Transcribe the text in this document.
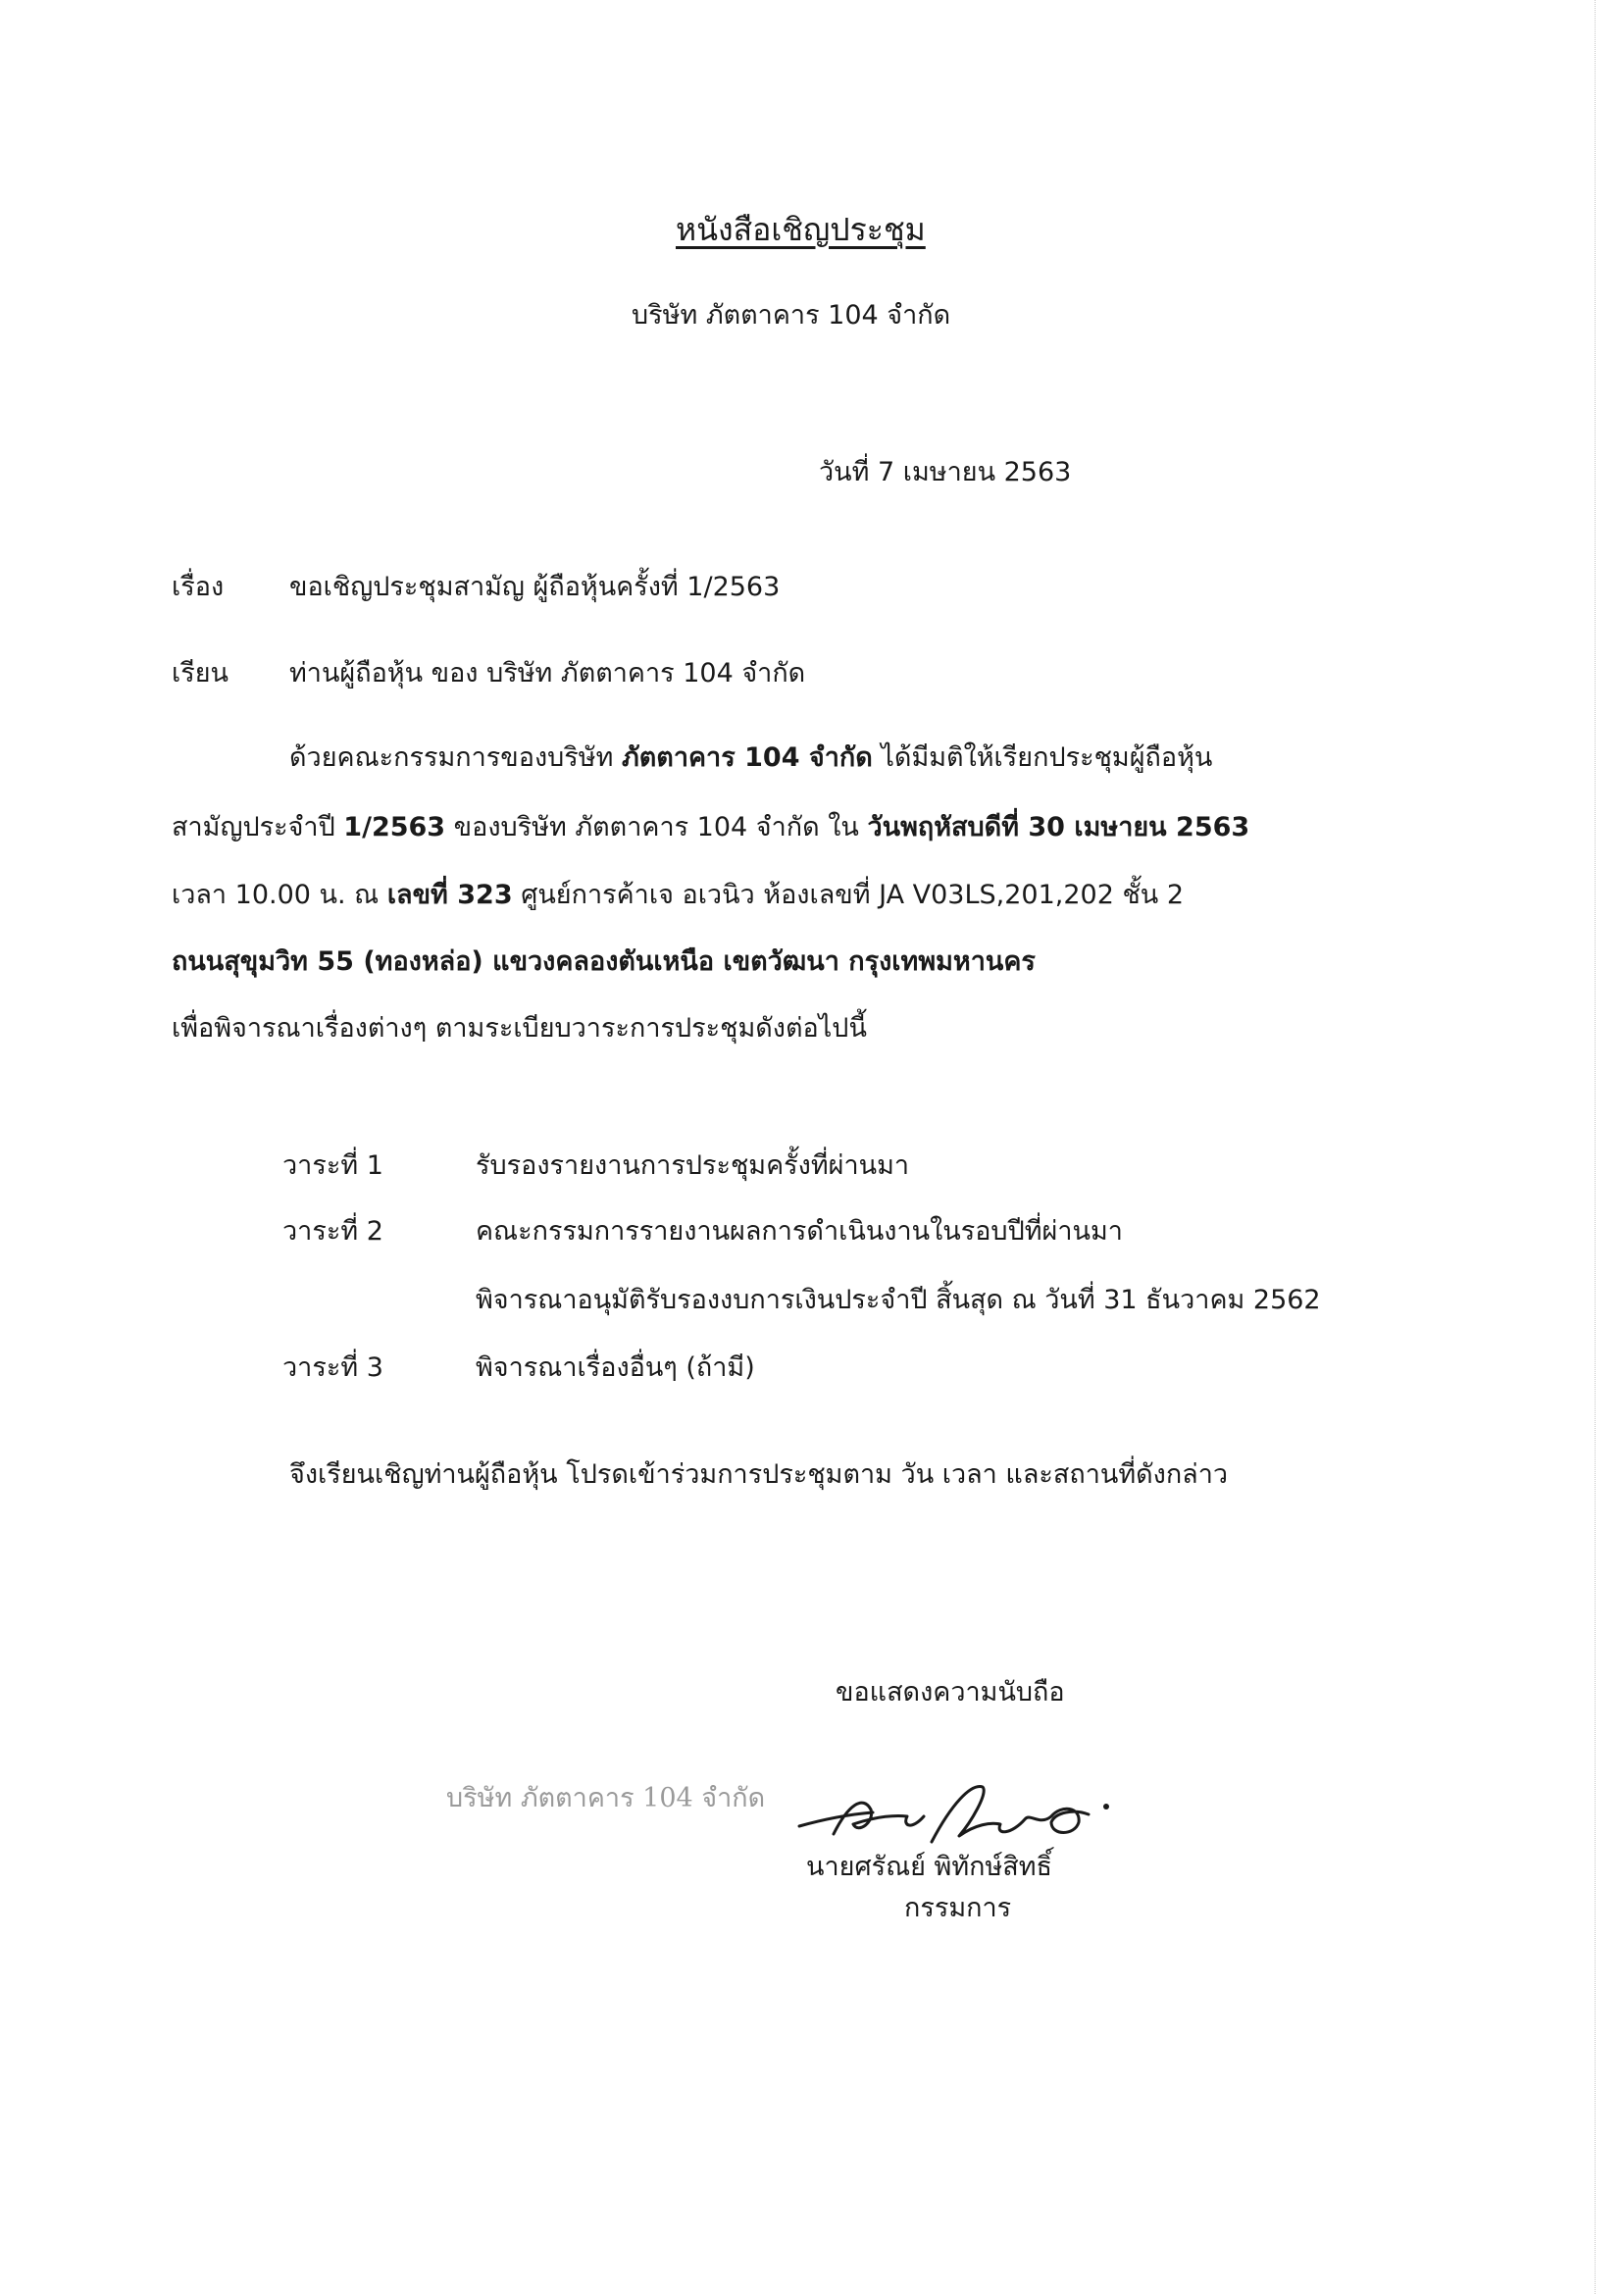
หนังสือเชิญประชุม
บริษัท ภัตตาคาร 104 จำกัด
วันที่ 7 เมษายน 2563
เรื่อง ขอเชิญประชุมสามัญ ผู้ถือหุ้นครั้งที่ 1/2563
เรียน ท่านผู้ถือหุ้น ของ บริษัท ภัตตาคาร 104 จำกัด
ด้วยคณะกรรมการของบริษัท ภัตตาคาร 104 จำกัด ได้มีมติให้เรียกประชุมผู้ถือหุ้น
สามัญประจำปี 1/2563 ของบริษัท ภัตตาคาร 104 จำกัด ใน วันพฤหัสบดีที่ 30 เมษายน 2563
เวลา 10.00 น. ณ เลขที่ 323 ศูนย์การค้าเจ อเวนิว ห้องเลขที่ JA V03LS,201,202 ชั้น 2
ถนนสุขุมวิท 55 (ทองหล่อ) แขวงคลองตันเหนือ เขตวัฒนา กรุงเทพมหานคร
เพื่อพิจารณาเรื่องต่างๆ ตามระเบียบวาระการประชุมดังต่อไปนี้
วาระที่ 1	รับรองรายงานการประชุมครั้งที่ผ่านมา
วาระที่ 2	คณะกรรมการรายงานผลการดำเนินงานในรอบปีที่ผ่านมา
พิจารณาอนุมัติรับรองงบการเงินประจำปี สิ้นสุด ณ วันที่ 31 ธันวาคม 2562
วาระที่ 3	พิจารณาเรื่องอื่นๆ (ถ้ามี)
จึงเรียนเชิญท่านผู้ถือหุ้น โปรดเข้าร่วมการประชุมตาม วัน เวลา และสถานที่ดังกล่าว
ขอแสดงความนับถือ
บริษัท ภัตตาคาร 104 จำกัด
นายศรัณย์ พิทักษ์สิทธิ์
กรรมการ
